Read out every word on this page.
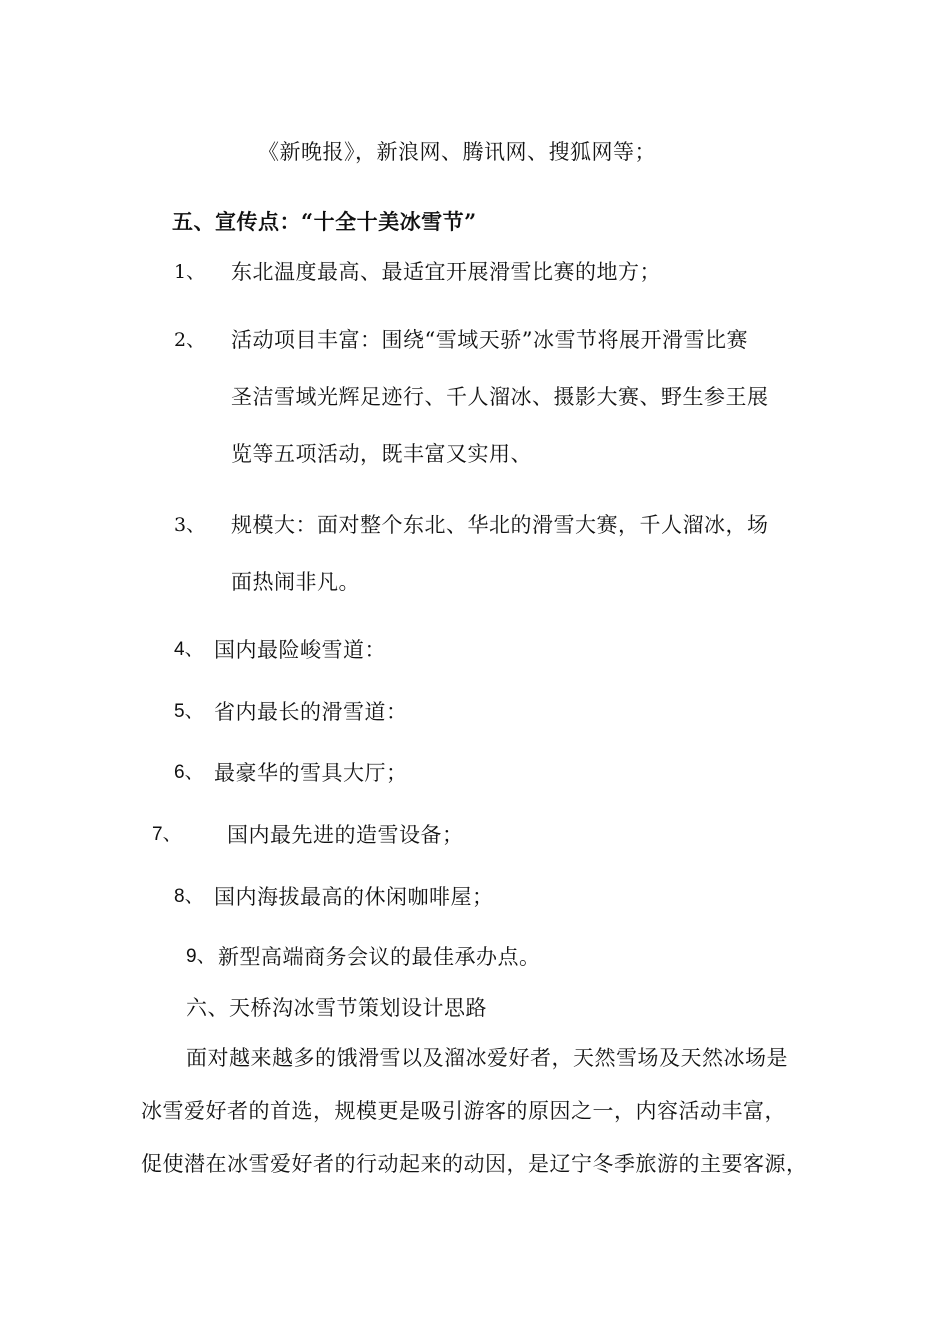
《新晚报》，新浪网、腾讯网、搜狐网等；
五、宣传点：“十全十美冰雪节”
1、 东北温度最高、最适宜开展滑雪比赛的地方；
2、 活动项目丰富：围绕“雪域天骄”冰雪节将展开滑雪比赛
圣洁雪域光辉足迹行、千人溜冰、摄影大赛、野生参王展
览等五项活动，既丰富又实用、
3、 规模大：面对整个东北、华北的滑雪大赛，千人溜冰，场
面热闹非凡。
4、 国内最险峻雪道：
5、 省内最长的滑雪道：
6、 最豪华的雪具大厅；
7、 国内最先进的造雪设备；
8、 国内海拔最高的休闲咖啡屋；
9、 新型高端商务会议的最佳承办点。
六、天桥沟冰雪节策划设计思路
面对越来越多的饿滑雪以及溜冰爱好者，天然雪场及天然冰场是
冰雪爱好者的首选，规模更是吸引游客的原因之一，内容活动丰富，
促使潜在冰雪爱好者的行动起来的动因，是辽宁冬季旅游的主要客源，
